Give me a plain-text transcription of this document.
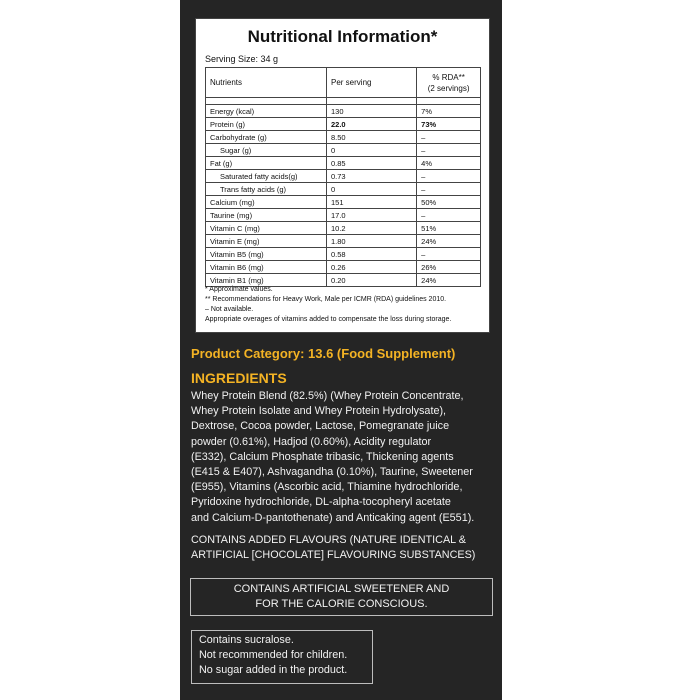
Nutritional Information*
Serving Size: 34 g
Nutrients	Per serving	% RDA**
(2 servings)

Energy (kcal)	130	7%
Protein (g)	22.0	73%
Carbohydrate (g)	8.50	–
Sugar (g)	0	–
Fat (g)	0.85	4%
Saturated fatty acids(g)	0.73	–
Trans fatty acids (g)	0	–
Calcium (mg)	151	50%
Taurine (mg)	17.0	–
Vitamin C (mg)	10.2	51%
Vitamin E (mg)	1.80	24%
Vitamin B5 (mg)	0.58	–
Vitamin B6 (mg)	0.26	26%
Vitamin B1 (mg)	0.20	24%
* Approximate values.
** Recommendations for Heavy Work, Male per ICMR (RDA) guidelines 2010.
– Not available.
Appropriate overages of vitamins added to compensate the loss during storage.
Product Category: 13.6 (Food Supplement)
INGREDIENTS
Whey Protein Blend (82.5%) (Whey Protein Concentrate,
Whey Protein Isolate and Whey Protein Hydrolysate),
Dextrose, Cocoa powder, Lactose, Pomegranate juice
powder (0.61%), Hadjod (0.60%), Acidity regulator
(E332), Calcium Phosphate tribasic, Thickening agents
(E415 & E407), Ashvagandha (0.10%), Taurine, Sweetener
(E955), Vitamins (Ascorbic acid, Thiamine hydrochloride,
Pyridoxine hydrochloride, DL-alpha-tocopheryl acetate
and Calcium-D-pantothenate) and Anticaking agent (E551).
CONTAINS ADDED FLAVOURS (NATURE IDENTICAL &
ARTIFICIAL [CHOCOLATE] FLAVOURING SUBSTANCES)
CONTAINS ARTIFICIAL SWEETENER AND
FOR THE CALORIE CONSCIOUS.
Contains sucralose.
Not recommended for children.
No sugar added in the product.
